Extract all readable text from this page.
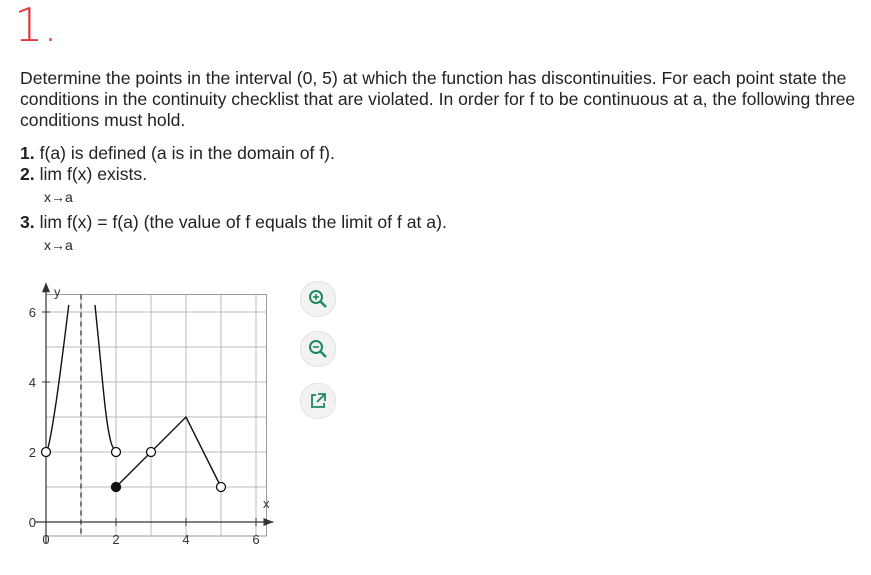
1.

Determine the points in the interval (0, 5) at which the function has discontinuities. For each point state the conditions in the continuity checklist that are violated. In order for f to be continuous at a, the following three conditions must hold.

1. f(a) is defined (a is in the domain of f).
2. lim f(x) exists.
x→a
3. lim f(x) = f(a) (the value of f equals the limit of f at a).
x→a
x
y
0	2	4	6
0
2
4
6
